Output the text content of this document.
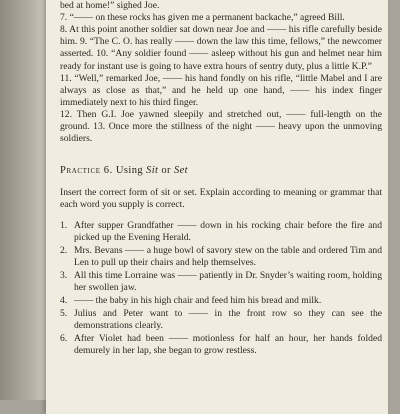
bed at home!” sighed Joe.

7. “—— on these rocks has given me a permanent backache,” agreed Bill.

8. At this point another soldier sat down near Joe and —— his rifle carefully beside him. 9. “The C. O. has really —— down the law this time, fellows,” the newcomer asserted. 10. “Any soldier found —— asleep without his gun and helmet near him ready for instant use is going to have extra hours of sentry duty, plus a little K.P.”

11. “Well,” remarked Joe, —— his hand fondly on his rifle, “little Mabel and I are always as close as that,” and he held up one hand, —— his index finger immediately next to his third finger.

12. Then G.I. Joe yawned sleepily and stretched out, —— full-length on the ground. 13. Once more the stillness of the night —— heavy upon the unmoving soldiers.

Practice 6. Using Sit or Set

Insert the correct form of sit or set. Explain according to meaning or grammar that each word you supply is correct.

1. After supper Grandfather —— down in his rocking chair before the fire and picked up the Evening Herald.
2. Mrs. Bevans —— a huge bowl of savory stew on the table and ordered Tim and Len to pull up their chairs and help themselves.
3. All this time Lorraine was —— patiently in Dr. Snyder’s waiting room, holding her swollen jaw.
4. —— the baby in his high chair and feed him his bread and milk.
5. Julius and Peter want to —— in the front row so they can see the demonstrations clearly.
6. After Violet had been —— motionless for half an hour, her hands folded demurely in her lap, she began to grow restless.
